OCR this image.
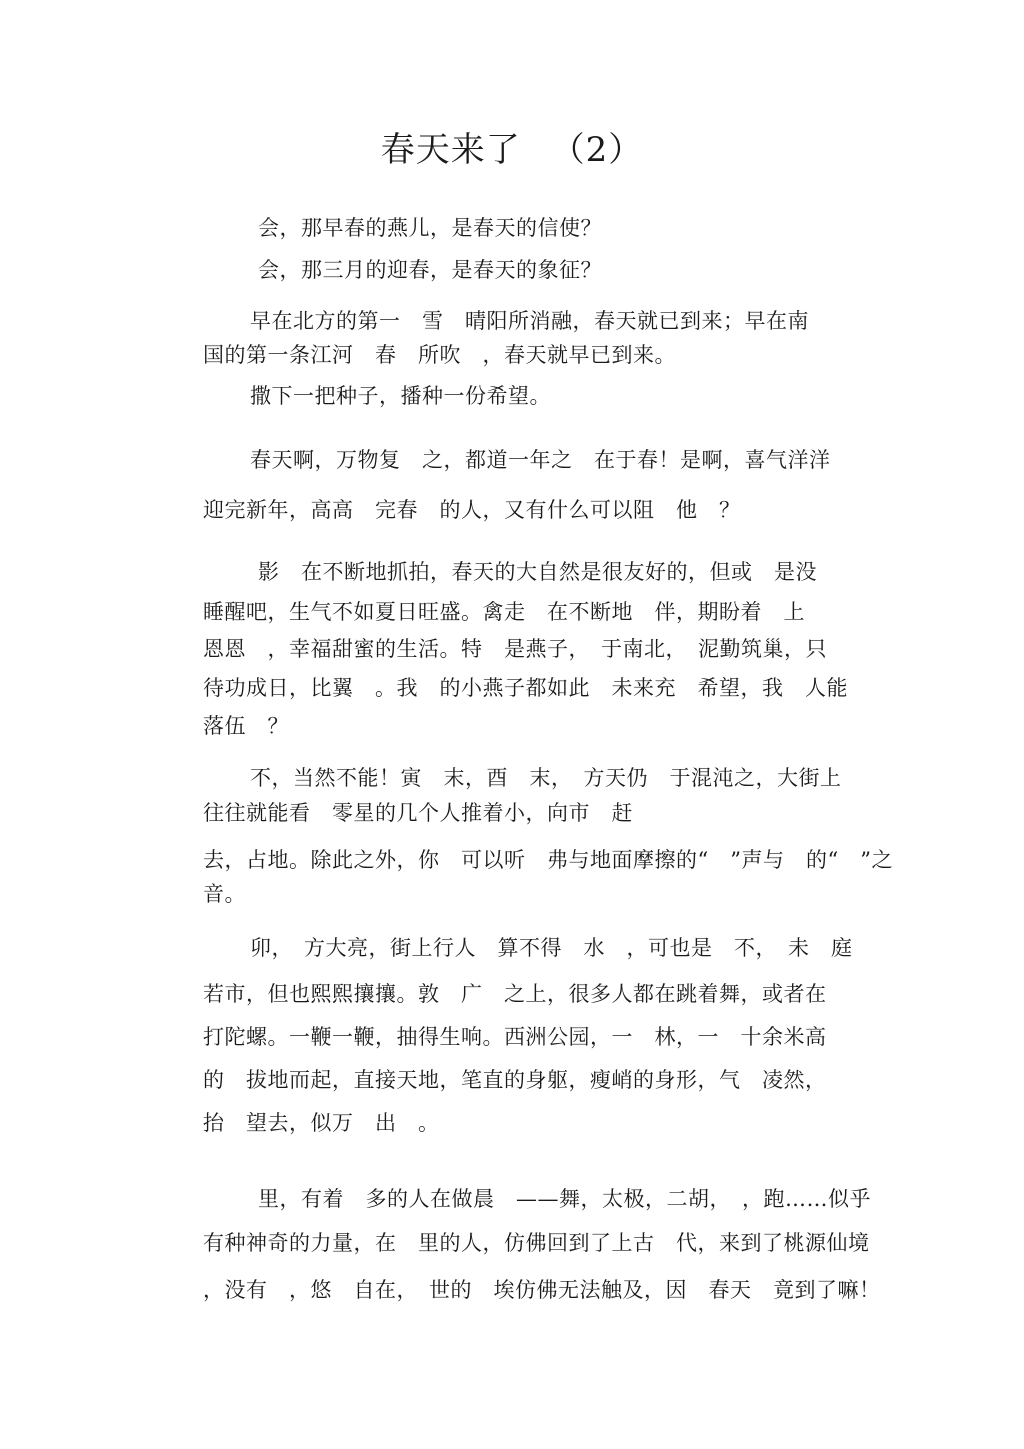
春天来了 　（2）
会，那早春的燕儿，是春天的信使？
会，那三月的迎春，是春天的象征？
早在北方的第一　雪　晴阳所消融，春天就已到来；早在南
国的第一条江河　春　所吹　，春天就早已到来。
撒下一把种子，播种一份希望。
春天啊，万物复　之，都道一年之　在于春！是啊，喜气洋洋
迎完新年，高高　完春　的人，又有什么可以阻　他　？
影　在不断地抓拍，春天的大自然是很友好的，但或　是没
睡醒吧，生气不如夏日旺盛。禽走　在不断地　伴，期盼着　上
恩恩　，幸福甜蜜的生活。特　是燕子，　于南北，　泥勤筑巢，只
待功成日，比翼　。我　的小燕子都如此　未来充　希望，我　人能
落伍　？
不，当然不能！寅　末，酉　末，　方天仍　于混沌之，大街上
往往就能看　零星的几个人推着小，向市　赶
去，占地。除此之外，你　可以听　弗与地面摩擦的“　”声与　的“　”之
音。
卯，　方大亮，街上行人　算不得　水　，可也是　不，　未　庭
若市，但也熙熙攘攘。敦　广　之上，很多人都在跳着舞，或者在
打陀螺。一鞭一鞭，抽得生响。西洲公园，一　林，一　十余米高
的　拔地而起，直接天地，笔直的身躯，瘦峭的身形，气　凌然，
抬　望去，似万　出　。
里，有着　多的人在做晨　——舞，太极，二胡，　，跑……似乎
有种神奇的力量，在　里的人，仿佛回到了上古　代，来到了桃源仙境
，没有　，悠　自在，　世的　埃仿佛无法触及，因　春天　竟到了嘛！
